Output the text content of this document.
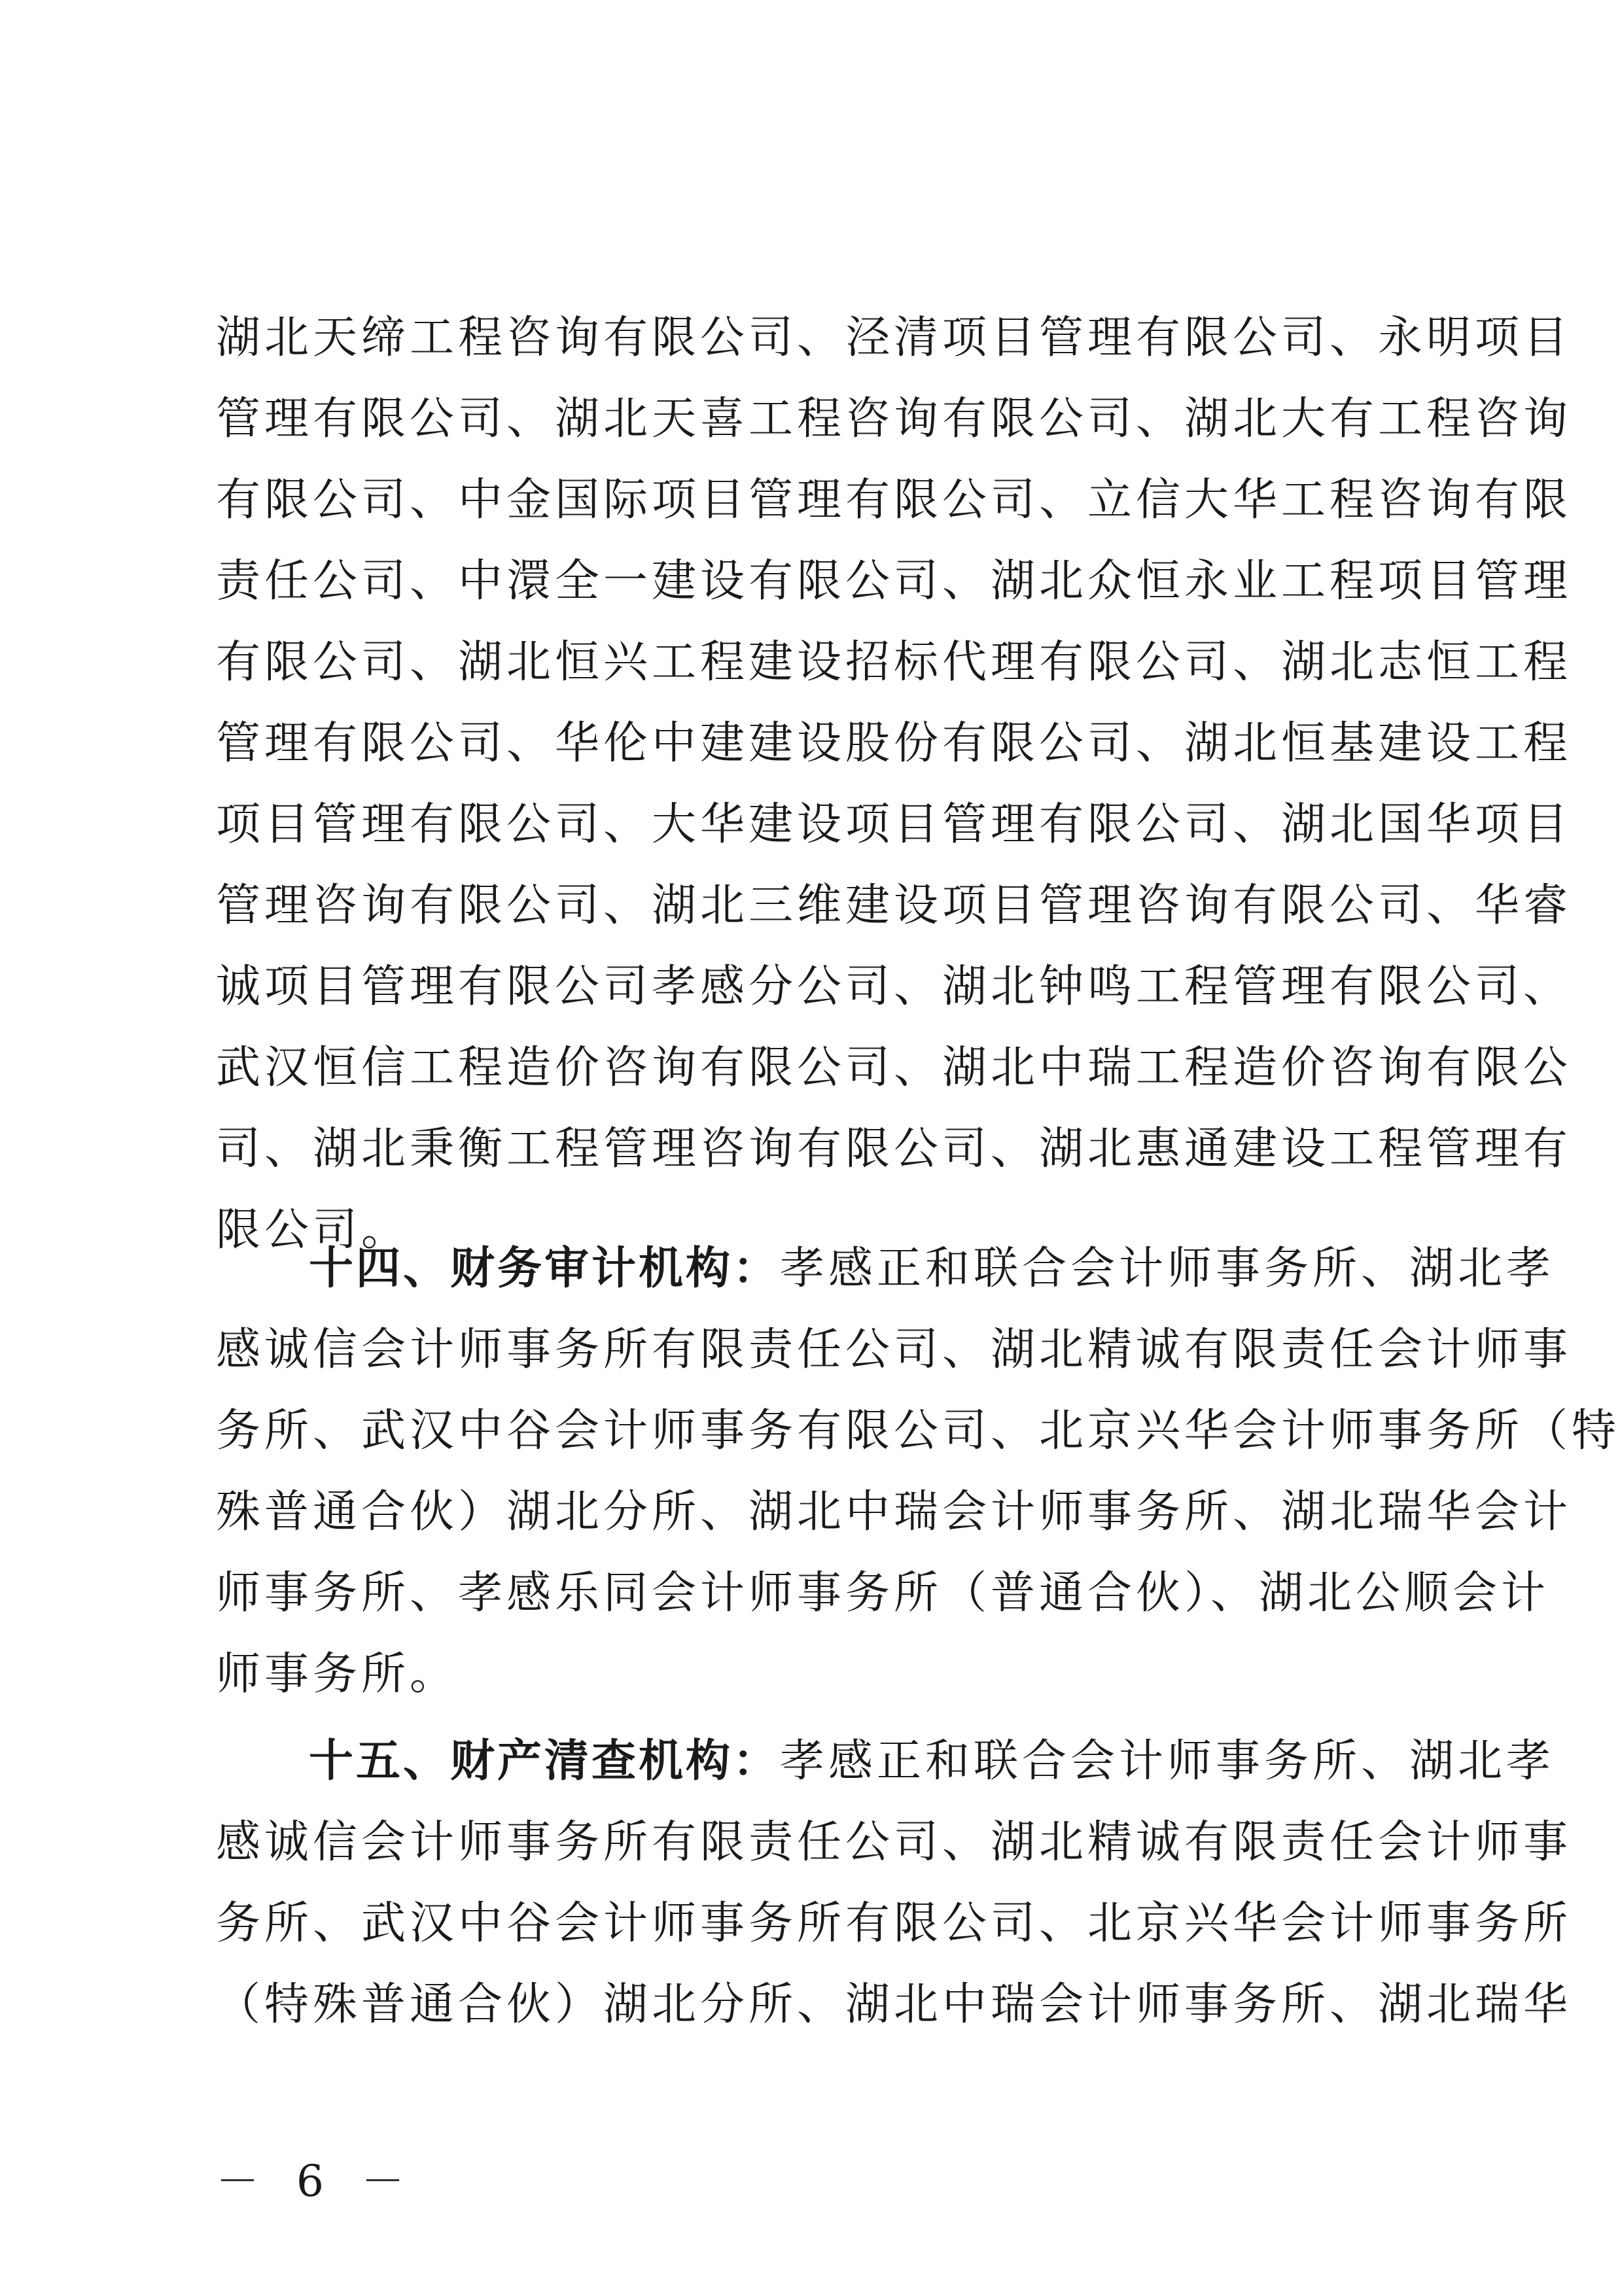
湖北天缔工程咨询有限公司、泾清项目管理有限公司、永明项目
管理有限公司、湖北天喜工程咨询有限公司、湖北大有工程咨询
有限公司、中金国际项目管理有限公司、立信大华工程咨询有限
责任公司、中澴全一建设有限公司、湖北众恒永业工程项目管理
有限公司、湖北恒兴工程建设招标代理有限公司、湖北志恒工程
管理有限公司、华伦中建建设股份有限公司、湖北恒基建设工程
项目管理有限公司、大华建设项目管理有限公司、湖北国华项目
管理咨询有限公司、湖北三维建设项目管理咨询有限公司、华睿
诚项目管理有限公司孝感分公司、湖北钟鸣工程管理有限公司、
武汉恒信工程造价咨询有限公司、湖北中瑞工程造价咨询有限公
司、湖北秉衡工程管理咨询有限公司、湖北惠通建设工程管理有
限公司。
十四、财务审计机构：孝感正和联合会计师事务所、湖北孝
感诚信会计师事务所有限责任公司、湖北精诚有限责任会计师事
务所、武汉中谷会计师事务有限公司、北京兴华会计师事务所（特
殊普通合伙）湖北分所、湖北中瑞会计师事务所、湖北瑞华会计
师事务所、孝感乐同会计师事务所（普通合伙）、湖北公顺会计
师事务所。
十五、财产清查机构：孝感正和联合会计师事务所、湖北孝
感诚信会计师事务所有限责任公司、湖北精诚有限责任会计师事
务所、武汉中谷会计师事务所有限公司、北京兴华会计师事务所
（特殊普通合伙）湖北分所、湖北中瑞会计师事务所、湖北瑞华
－ 6 －
